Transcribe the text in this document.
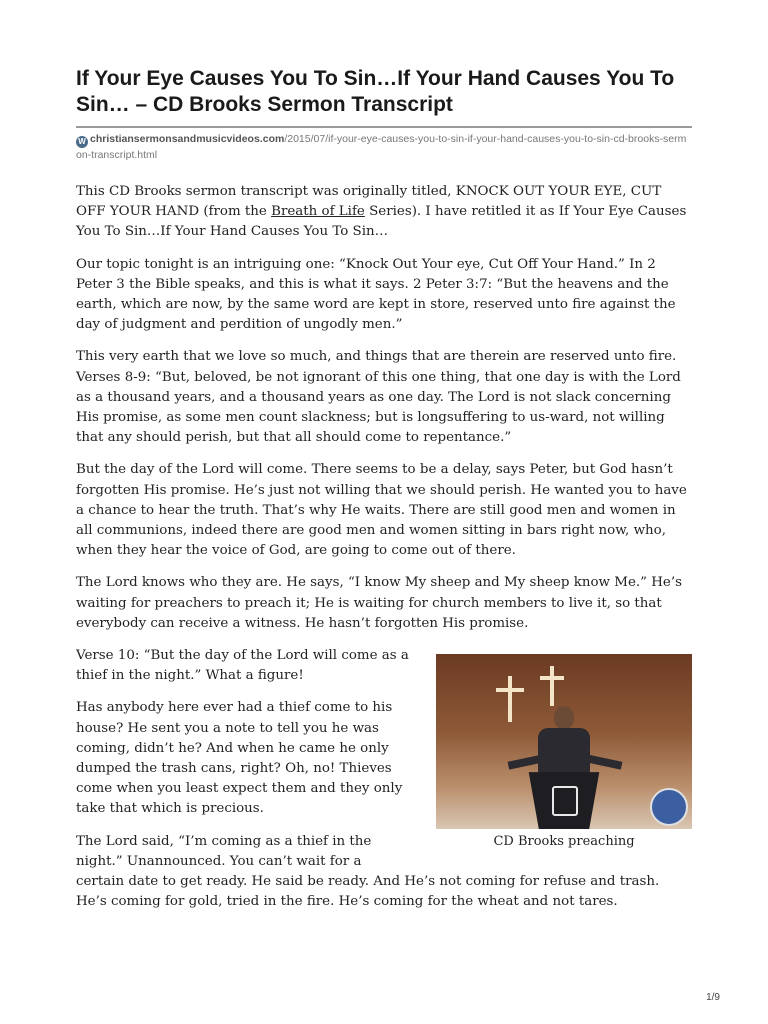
If Your Eye Causes You To Sin…If Your Hand Causes You To Sin… – CD Brooks Sermon Transcript
W christiansermonsandmusicvideos.com/2015/07/if-your-eye-causes-you-to-sin-if-your-hand-causes-you-to-sin-cd-brooks-sermon-transcript.html

This CD Brooks sermon transcript was originally titled, KNOCK OUT YOUR EYE, CUT OFF YOUR HAND (from the Breath of Life Series). I have retitled it as If Your Eye Causes You To Sin…If Your Hand Causes You To Sin…

Our topic tonight is an intriguing one: “Knock Out Your eye, Cut Off Your Hand.” In 2 Peter 3 the Bible speaks, and this is what it says. 2 Peter 3:7: “But the heavens and the earth, which are now, by the same word are kept in store, reserved unto fire against the day of judgment and perdition of ungodly men.”

This very earth that we love so much, and things that are therein are reserved unto fire. Verses 8-9: “But, beloved, be not ignorant of this one thing, that one day is with the Lord as a thousand years, and a thousand years as one day. The Lord is not slack concerning His promise, as some men count slackness; but is longsuffering to us-ward, not willing that any should perish, but that all should come to repentance.”

But the day of the Lord will come. There seems to be a delay, says Peter, but God hasn’t forgotten His promise. He’s just not willing that we should perish. He wanted you to have a chance to hear the truth. That’s why He waits. There are still good men and women in all communions, indeed there are good men and women sitting in bars right now, who, when they hear the voice of God, are going to come out of there.

The Lord knows who they are. He says, “I know My sheep and My sheep know Me.” He’s waiting for preachers to preach it; He is waiting for church members to live it, so that everybody can receive a witness. He hasn’t forgotten His promise.

CD Brooks preaching

Verse 10: “But the day of the Lord will come as a thief in the night.” What a figure!

Has anybody here ever had a thief come to his house? He sent you a note to tell you he was coming, didn’t he? And when he came he only dumped the trash cans, right? Oh, no! Thieves come when you least expect them and they only take that which is precious.

The Lord said, “I’m coming as a thief in the night.” Unannounced. You can’t wait for a certain date to get ready. He said be ready. And He’s not coming for refuse and trash. He’s coming for gold, tried in the fire. He’s coming for the wheat and not tares.

1/9
